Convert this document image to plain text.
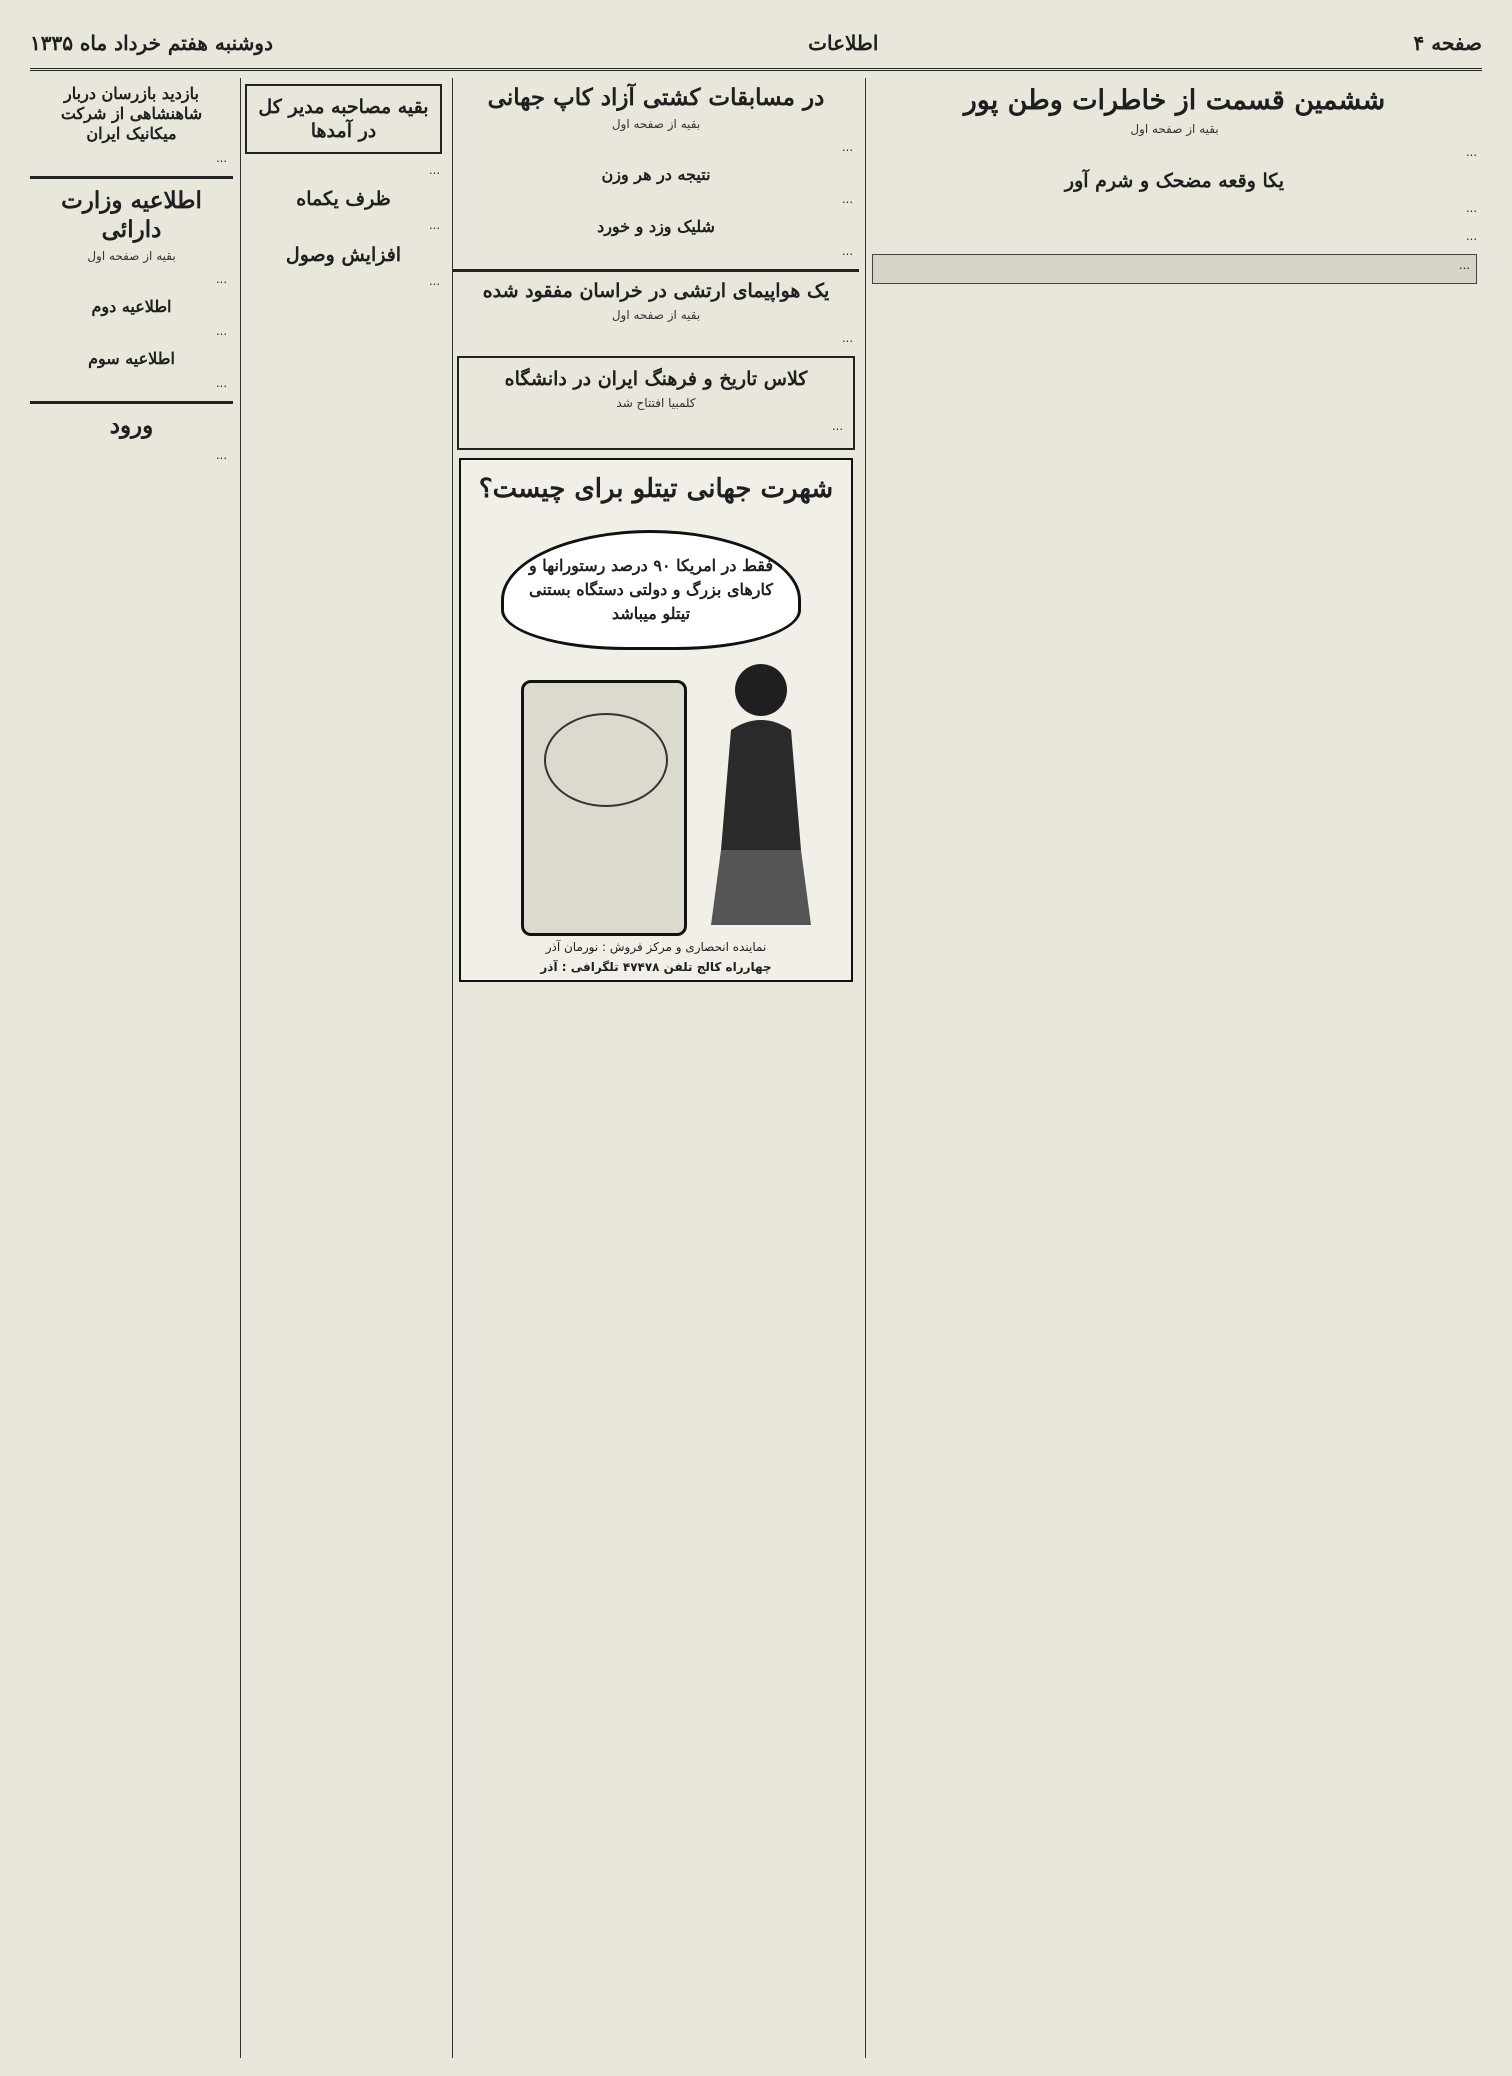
صفحه ۴
اطلاعات
دوشنبه هفتم خرداد ماه ۱۳۳۵
ششمین قسمت از خاطرات وطن پور
بقیه از صفحه اول

...

یکا وقعه مضحک و شرم آور

...

...

...

در مسابقات کشتی آزاد کاپ جهانی
بقیه از صفحه اول

...

نتیجه در هر وزن

...

شلیک وزد و خورد

...

یک هواپیمای ارتشی در خراسان مفقود شده
بقیه از صفحه اول

...

کلاس تاریخ و فرهنگ ایران در دانشگاه
کلمبیا افتتاح شد

...

شهرت جهانی تیتلو برای چیست؟
فقط در امریکا ۹۰ درصد رستورانها و کارهای بزرگ و دولتی دستگاه بستنی تیتلو میباشد
نماینده انحصاری و مرکز فروش : نورمان آذر
چهارراه کالج تلفن ۴۷۴۷۸ تلگرافی : آذر
بقیه مصاحبه مدیر کل در آمدها

...

ظرف یکماه

...

افزایش وصول

...

بازدید بازرسان دربار شاهنشاهی از شرکت میکانیک ایران

...

اطلاعیه وزارت دارائی
بقیه از صفحه اول

...

اطلاعیه دوم

...

اطلاعیه سوم

...

ورود

...
